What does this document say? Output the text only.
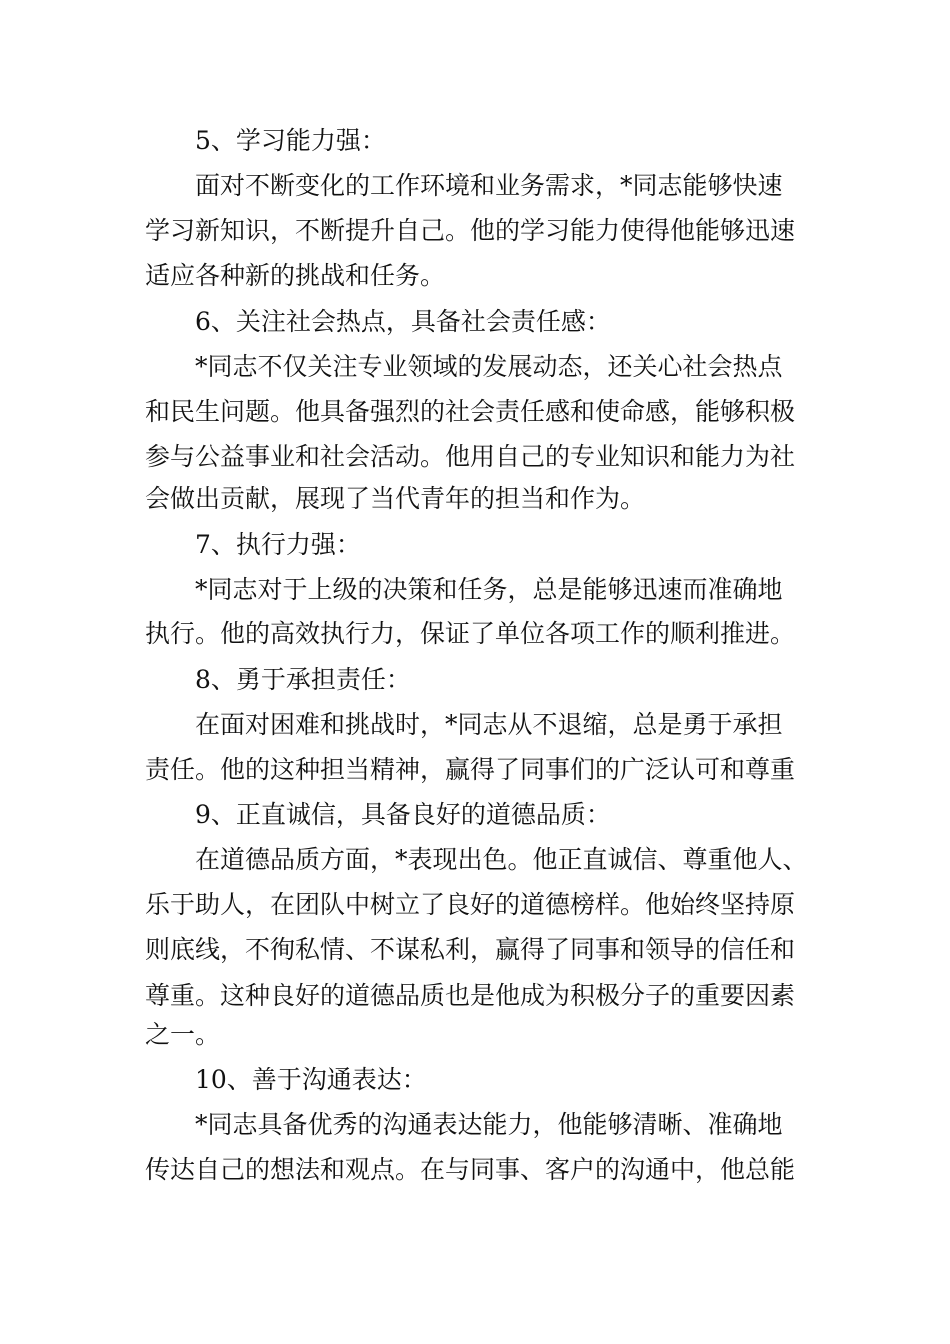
5、学习能力强：
面对不断变化的工作环境和业务需求，*同志能够快速
学习新知识，不断提升自己。他的学习能力使得他能够迅速
适应各种新的挑战和任务。
6、关注社会热点，具备社会责任感：
*同志不仅关注专业领域的发展动态，还关心社会热点
和民生问题。他具备强烈的社会责任感和使命感，能够积极
参与公益事业和社会活动。他用自己的专业知识和能力为社
会做出贡献，展现了当代青年的担当和作为。
7、执行力强：
*同志对于上级的决策和任务，总是能够迅速而准确地
执行。他的高效执行力，保证了单位各项工作的顺利推进。
8、勇于承担责任：
在面对困难和挑战时，*同志从不退缩，总是勇于承担
责任。他的这种担当精神，赢得了同事们的广泛认可和尊重
9、正直诚信，具备良好的道德品质：
在道德品质方面，*表现出色。他正直诚信、尊重他人、
乐于助人，在团队中树立了良好的道德榜样。他始终坚持原
则底线，不徇私情、不谋私利，赢得了同事和领导的信任和
尊重。这种良好的道德品质也是他成为积极分子的重要因素
之一。
10、善于沟通表达：
*同志具备优秀的沟通表达能力，他能够清晰、准确地
传达自己的想法和观点。在与同事、客户的沟通中，他总能
